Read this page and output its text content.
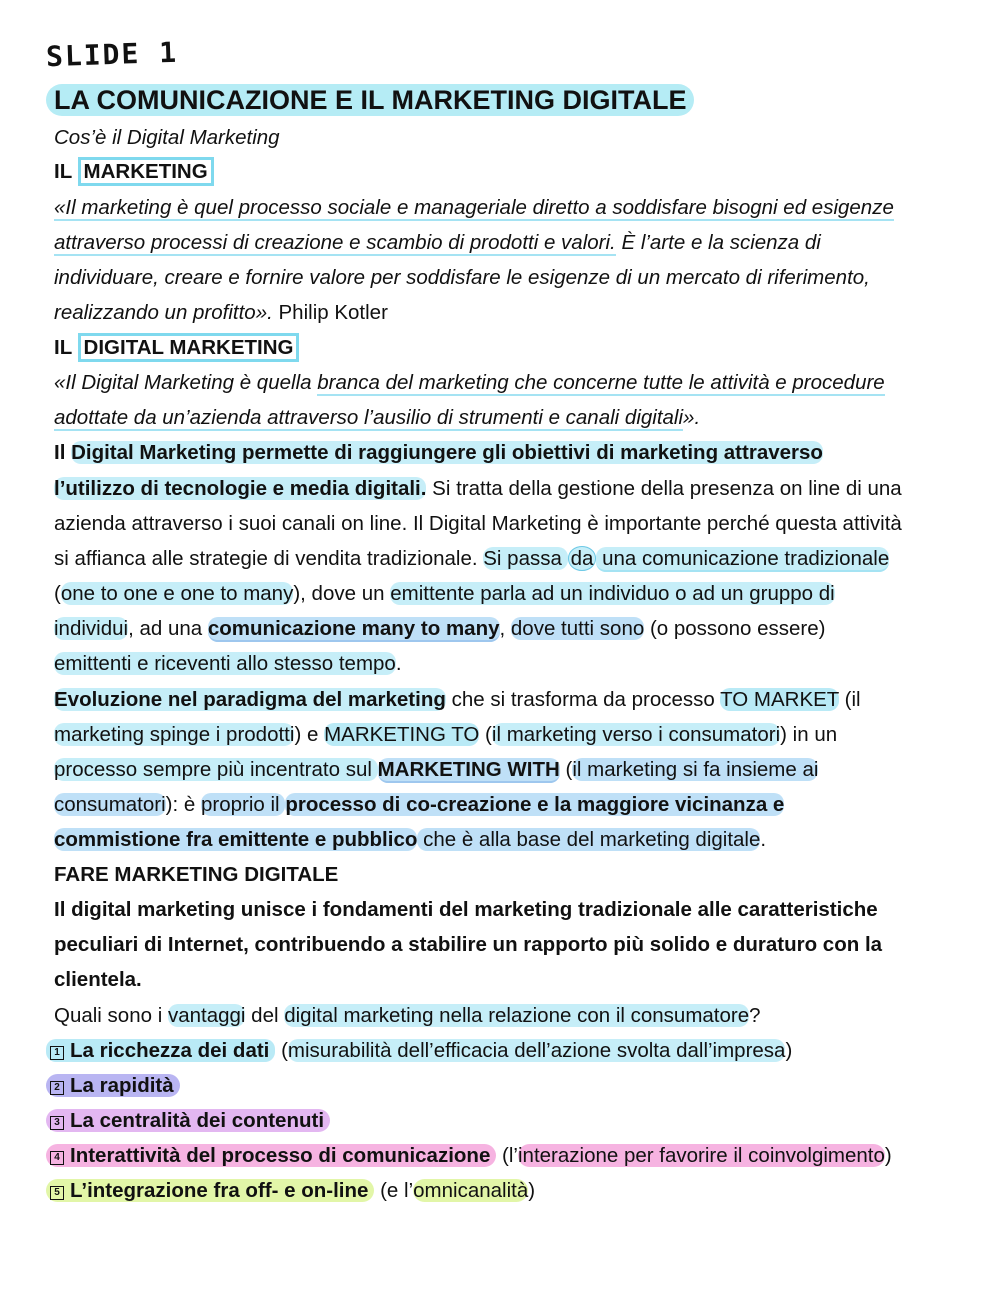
SLIDE 1
LA COMUNICAZIONE E IL MARKETING DIGITALE
Cos’è il Digital Marketing
IL MARKETING
«Il marketing è quel processo sociale e manageriale diretto a soddisfare bisogni ed esigenze
attraverso processi di creazione e scambio di prodotti e valori. È l’arte e la scienza di
individuare, creare e fornire valore per soddisfare le esigenze di un mercato di riferimento,
realizzando un profitto». Philip Kotler
IL DIGITAL MARKETING
«Il Digital Marketing è quella branca del marketing che concerne tutte le attività e procedure
adottate da un’azienda attraverso l’ausilio di strumenti e canali digitali».
Il Digital Marketing permette di raggiungere gli obiettivi di marketing attraverso
l’utilizzo di tecnologie e media digitali. Si tratta della gestione della presenza on line di una
azienda attraverso i suoi canali on line. Il Digital Marketing è importante perché questa attività
si affianca alle strategie di vendita tradizionale. Si passa da una comunicazione tradizionale
(one to one e one to many), dove un emittente parla ad un individuo o ad un gruppo di
individui, ad una comunicazione many to many, dove tutti sono (o possono essere)
emittenti e riceventi allo stesso tempo.
Evoluzione nel paradigma del marketing che si trasforma da processo TO MARKET (il
marketing spinge i prodotti) e MARKETING TO (il marketing verso i consumatori) in un
processo sempre più incentrato sul MARKETING WITH (il marketing si fa insieme ai
consumatori): è proprio il processo di co-creazione e la maggiore vicinanza e
commistione fra emittente e pubblico che è alla base del marketing digitale.
FARE MARKETING DIGITALE
Il digital marketing unisce i fondamenti del marketing tradizionale alle caratteristiche
peculiari di Internet, contribuendo a stabilire un rapporto più solido e duraturo con la
clientela.
Quali sono i vantaggi del digital marketing nella relazione con il consumatore?
1 La ricchezza dei dati (misurabilità dell’efficacia dell’azione svolta dall’impresa)
2 La rapidità
3 La centralità dei contenuti
4 Interattività del processo di comunicazione (l’interazione per favorire il coinvolgimento)
5 L’integrazione fra off- e on-line (e l’omnicanalità)
